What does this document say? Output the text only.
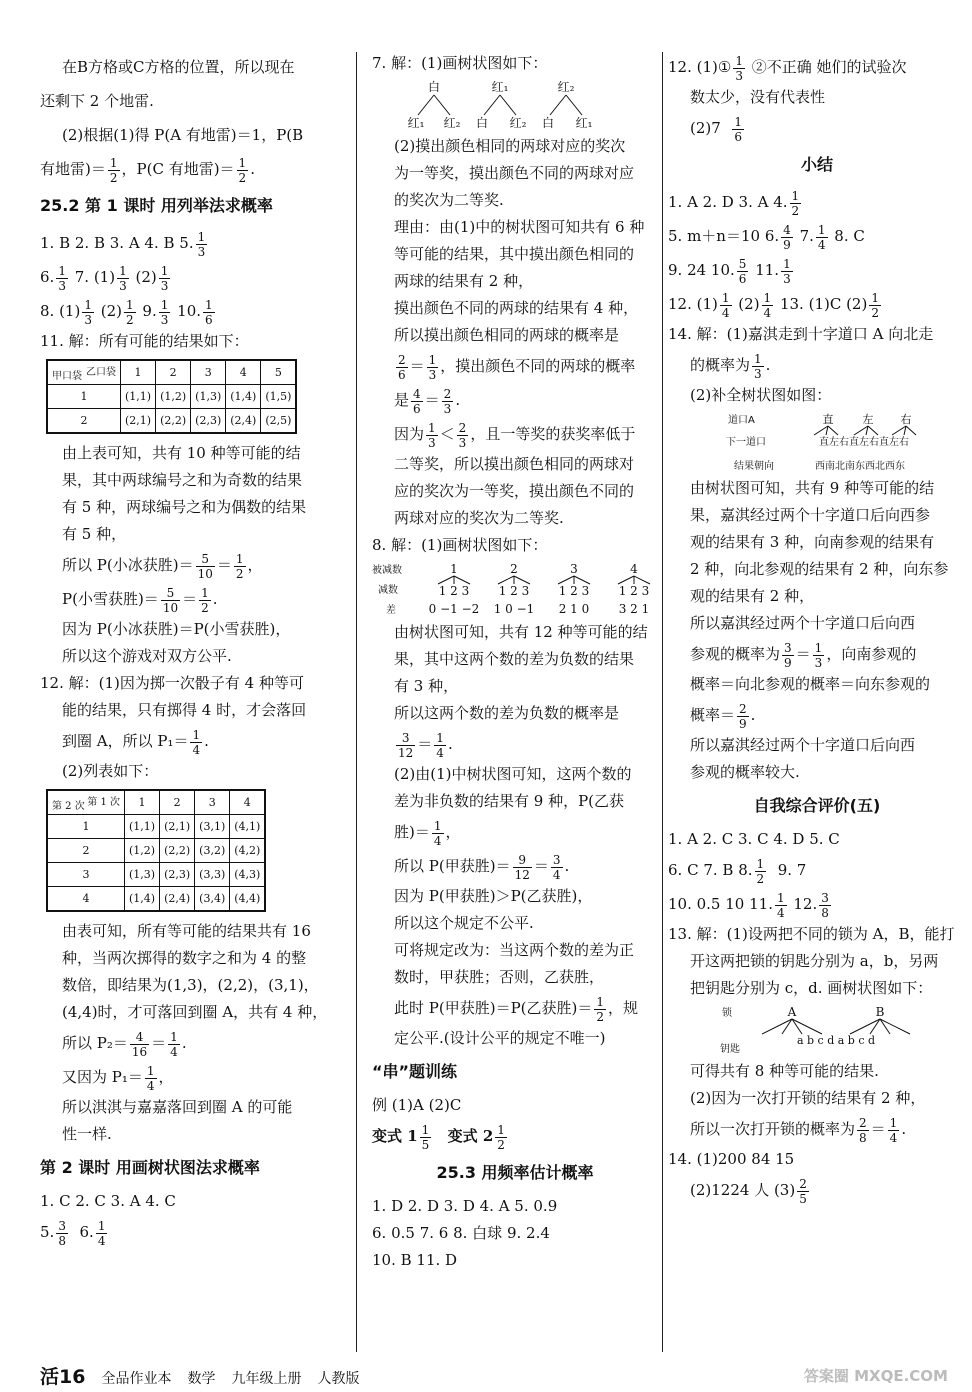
在B方格或C方格的位置，所以现在

还剩下 2 个地雷.

(2)根据(1)得 P(A 有地雷)＝1，P(B

有地雷)＝ $\frac{1}{2}$ ，P(C 有地雷)＝ $\frac{1}{2}$ .

25.2 第 1 课时 用列举法求概率

1. B 2. B 3. A 4. B 5. $\frac{1}{3}$

6. $\frac{1}{3} 7$. $(1) \frac{1}{3} (2) \frac{1}{3}$

8. $(1) \frac{1}{3} (2) \frac{1}{2} 9$. $\frac{1}{3} 10$. $\frac{1}{6}$

11. 解：所有可能的结果如下：

乙口袋
甲口袋	1	2	3	4	5
1	(1,1)	(1,2)	(1,3)	(1,4)	(1,5)
2	(2,1)	(2,2)	(2,3)	(2,4)	(2,5)

由上表可知，共有 10 种等可能的结

果，其中两球编号之和为奇数的结果

有 5 种，两球编号之和为偶数的结果

有 5 种，

所以 P(小冰获胜)＝ $\frac{5}{10} = \frac{1}{2}$ ，

P(小雪获胜)＝ $\frac{5}{10} = \frac{1}{2}$ .

因为 P(小冰获胜)＝P(小雪获胜)，

所以这个游戏对双方公平.

12. 解：(1)因为掷一次骰子有 4 种等可

能的结果，只有掷得 4 时，才会落回

到圈 A，所以 $P_1= \frac{1}{4}$ .

(2)列表如下：

第 1 次
第 2 次	1	2	3	4
1	(1,1)	(2,1)	(3,1)	(4,1)
2	(1,2)	(2,2)	(3,2)	(4,2)
3	(1,3)	(2,3)	(3,3)	(4,3)
4	(1,4)	(2,4)	(3,4)	(4,4)

由表可知，所有等可能的结果共有 16

种，当两次掷得的数字之和为 4 的整

数倍，即结果为(1,3)，(2,2)，(3,1)，

(4,4)时，才可落回到圈 A，共有 4 种，

所以 $P_2= \frac{4}{16} = \frac{1}{4}$ .

又因为 $P_1= \frac{1}{4}$ ，

所以淇淇与嘉嘉落回到圈 A 的可能

性一样.

第 2 课时 用画树状图法求概率

1. C 2. C 3. A 4. C

5. $\frac{3}{8} 6$. $\frac{1}{4}$

7. 解：(1)画树状图如下：

白	红₁	红₂
红₁ 红₂ 白 红₂ 白 红₁

(2)摸出颜色相同的两球对应的奖次

为一等奖，摸出颜色不同的两球对应

的奖次为二等奖.

理由：由(1)中的树状图可知共有 6 种

等可能的结果，其中摸出颜色相同的

两球的结果有 2 种，

摸出颜色不同的两球的结果有 4 种，

所以摸出颜色相同的两球的概率是

$\frac{2}{6} = \frac{1}{3}$ ，摸出颜色不同的两球的概率

是 $\frac{4}{6} = \frac{2}{3}$ .

因为 $\frac{1}{3} < \frac{2}{3}$ ，且一等奖的获奖率低于

二等奖，所以摸出颜色相同的两球对

应的奖次为一等奖，摸出颜色不同的

两球对应的奖次为二等奖.

8. 解：(1)画树状图如下：

被减数
减数
差
1	2	3	4
1 2 3 1 2 3 1 2 3 1 2 3
0 −1 −2 1 0 −1 2 1 0 3 2 1

由树状图可知，共有 12 种等可能的结

果，其中这两个数的差为负数的结果

有 3 种，

所以这两个数的差为负数的概率是

$\frac{3}{12} = \frac{1}{4}$ .

(2)由(1)中树状图可知，这两个数的

差为非负数的结果有 9 种，P(乙获

胜)＝ $\frac{1}{4}$ ，

所以 P(甲获胜)＝ $\frac{9}{12} = \frac{3}{4}$ .

因为 P(甲获胜)＞P(乙获胜)，

所以这个规定不公平.

可将规定改为：当这两个数的差为正

数时，甲获胜；否则，乙获胜，

此时 P(甲获胜)＝P(乙获胜)＝ $\frac{1}{2}$ ，规

定公平.(设计公平的规定不唯一)

“串”题训练

例 (1)A (2)C

变式 $1 \frac{1}{5}$ 变式 $2 \frac{1}{2}$

25.3 用频率估计概率

1. D 2. D 3. D 4. A 5. 0.9

6. 0.5 7. 6 8. 白球 9. 2.4

10. B 11. D

12. (1)① $\frac{1}{3}$ ②不正确 她们的试验次

数太少，没有代表性

$(2)7 \frac{1}{6}$

小结

1. A 2. D 3. A 4. $\frac{1}{2}$

5. m＋n＝10 6. $\frac{4}{9} 7$. $\frac{1}{4} 8$. C

9. 24 10. $\frac{5}{6} 11$. $\frac{1}{3}$

12. $(1) \frac{1}{4} (2) \frac{1}{4} 13$. (1)C $(2) \frac{1}{2}$

14. 解：(1)嘉淇走到十字道口 A 向北走

的概率为 $\frac{1}{3}$ .

(2)补全树状图如图：

道口A
下一道口
结果朝向
直	左 右
直左右直左右直左右
西南北南东西北西东

由树状图可知，共有 9 种等可能的结

果，嘉淇经过两个十字道口后向西参

观的结果有 3 种，向南参观的结果有

2 种，向北参观的结果有 2 种，向东参

观的结果有 2 种，

所以嘉淇经过两个十字道口后向西

参观的概率为 $\frac{3}{9} = \frac{1}{3}$ ，向南参观的

概率＝向北参观的概率＝向东参观的

概率＝ $\frac{2}{9}$ .

所以嘉淇经过两个十字道口后向西

参观的概率较大.

自我综合评价(五)

1. A 2. C 3. C 4. D 5. C

6. C 7. B 8. $\frac{1}{2} 9$. 7

10. 0.5 10 11. $\frac{1}{4} 12$. $\frac{3}{8}$

13. 解：(1)设两把不同的锁为 A，B，能打

开这两把锁的钥匙分别为 a，b，另两

把钥匙分别为 c，d. 画树状图如下：

锁
钥匙
A	B
a b c d a b c d

可得共有 8 种等可能的结果.

(2)因为一次打开锁的结果有 2 种，

所以一次打开锁的概率为 $\frac{2}{8} = \frac{1}{4}$ .

14. (1)200 84 15

(2)1224 人 $(3) \frac{2}{5}$

活16 全品作业本 数学 九年级上册 人教版	答案圈 MXQE.COM
